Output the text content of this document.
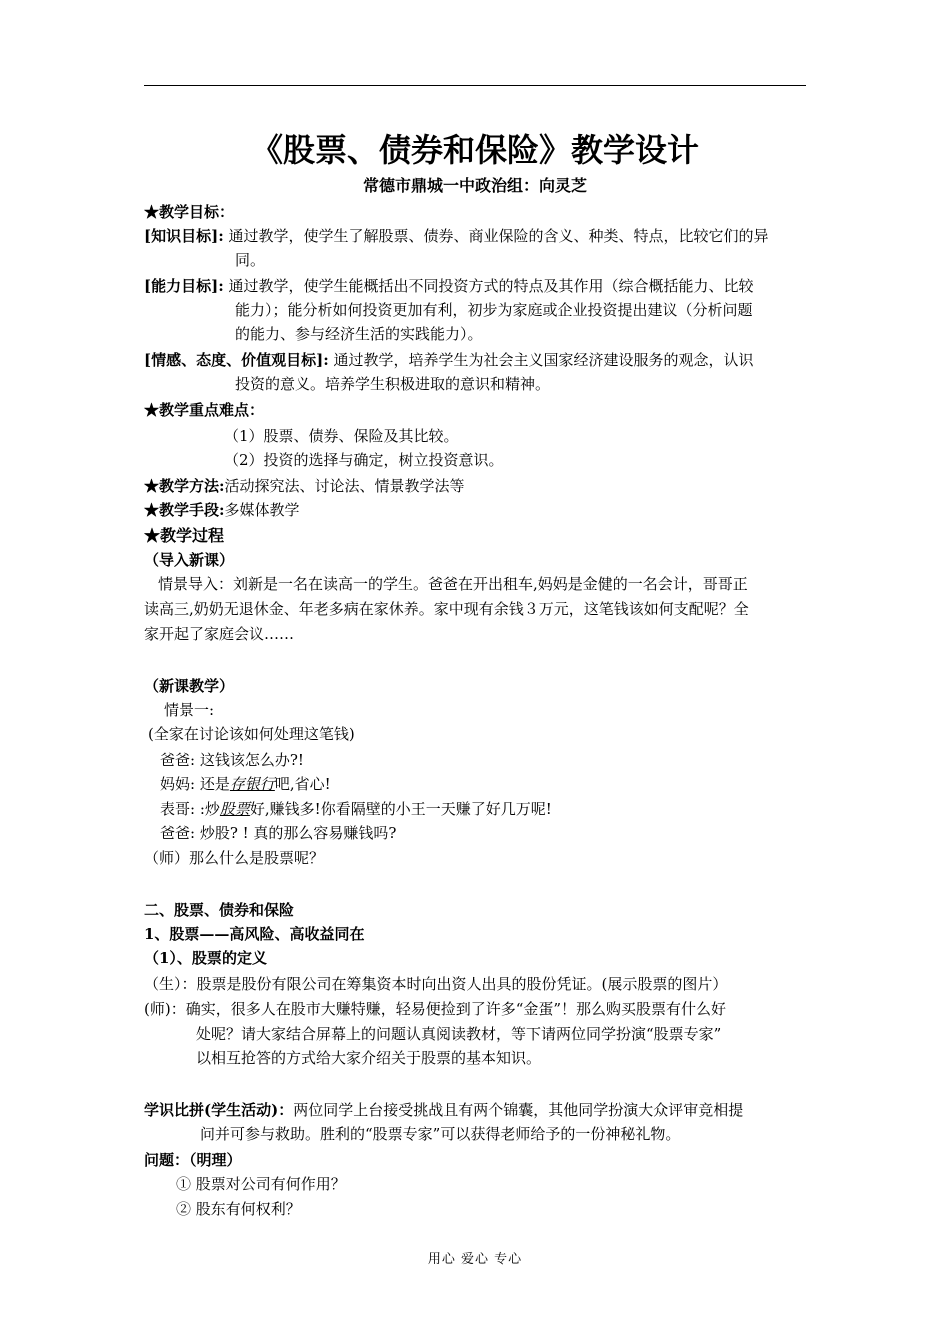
《股票、债券和保险》教学设计
常德市鼎城一中政治组：向灵芝
★教学目标：
[知识目标]: 通过教学，使学生了解股票、债券、商业保险的含义、种类、特点，比较它们的异
同。
[能力目标]: 通过教学，使学生能概括出不同投资方式的特点及其作用（综合概括能力、比较
能力）；能分析如何投资更加有利，初步为家庭或企业投资提出建议（分析问题
的能力、参与经济生活的实践能力）。
[情感、态度、价值观目标]: 通过教学，培养学生为社会主义国家经济建设服务的观念，认识
投资的意义。培养学生积极进取的意识和精神。
★教学重点难点：
（1）股票、债券、保险及其比较。
（2）投资的选择与确定，树立投资意识。
★教学方法:活动探究法、讨论法、情景教学法等
★教学手段:多媒体教学
★教学过程
（导入新课）
情景导入：刘新是一名在读高一的学生。爸爸在开出租车,妈妈是金健的一名会计，哥哥正
读高三,奶奶无退休金、年老多病在家休养。家中现有余钱３万元，这笔钱该如何支配呢？全
家开起了家庭会议……
（新课教学）
情景一:
(全家在讨论该如何处理这笔钱)
爸爸: 这钱该怎么办?!
妈妈: 还是存银行吧,省心!
表哥: :炒股票好,赚钱多!你看隔壁的小王一天赚了好几万呢!
爸爸: 炒股? ! 真的那么容易赚钱吗?
（师）那么什么是股票呢？
二、股票、债券和保险
1、股票——高风险、高收益同在
（1）、股票的定义
（生）：股票是股份有限公司在筹集资本时向出资人出具的股份凭证。(展示股票的图片）
(师)：确实，很多人在股市大赚特赚，轻易便捡到了许多“金蛋”！那么购买股票有什么好
处呢？请大家结合屏幕上的问题认真阅读教材，等下请两位同学扮演“股票专家”
以相互抢答的方式给大家介绍关于股票的基本知识。
学识比拼(学生活动)：两位同学上台接受挑战且有两个锦囊，其他同学扮演大众评审竞相提
问并可参与救助。胜利的“股票专家”可以获得老师给予的一份神秘礼物。
问题：（明理）
① 股票对公司有何作用？
② 股东有何权利？
用心 爱心 专心
